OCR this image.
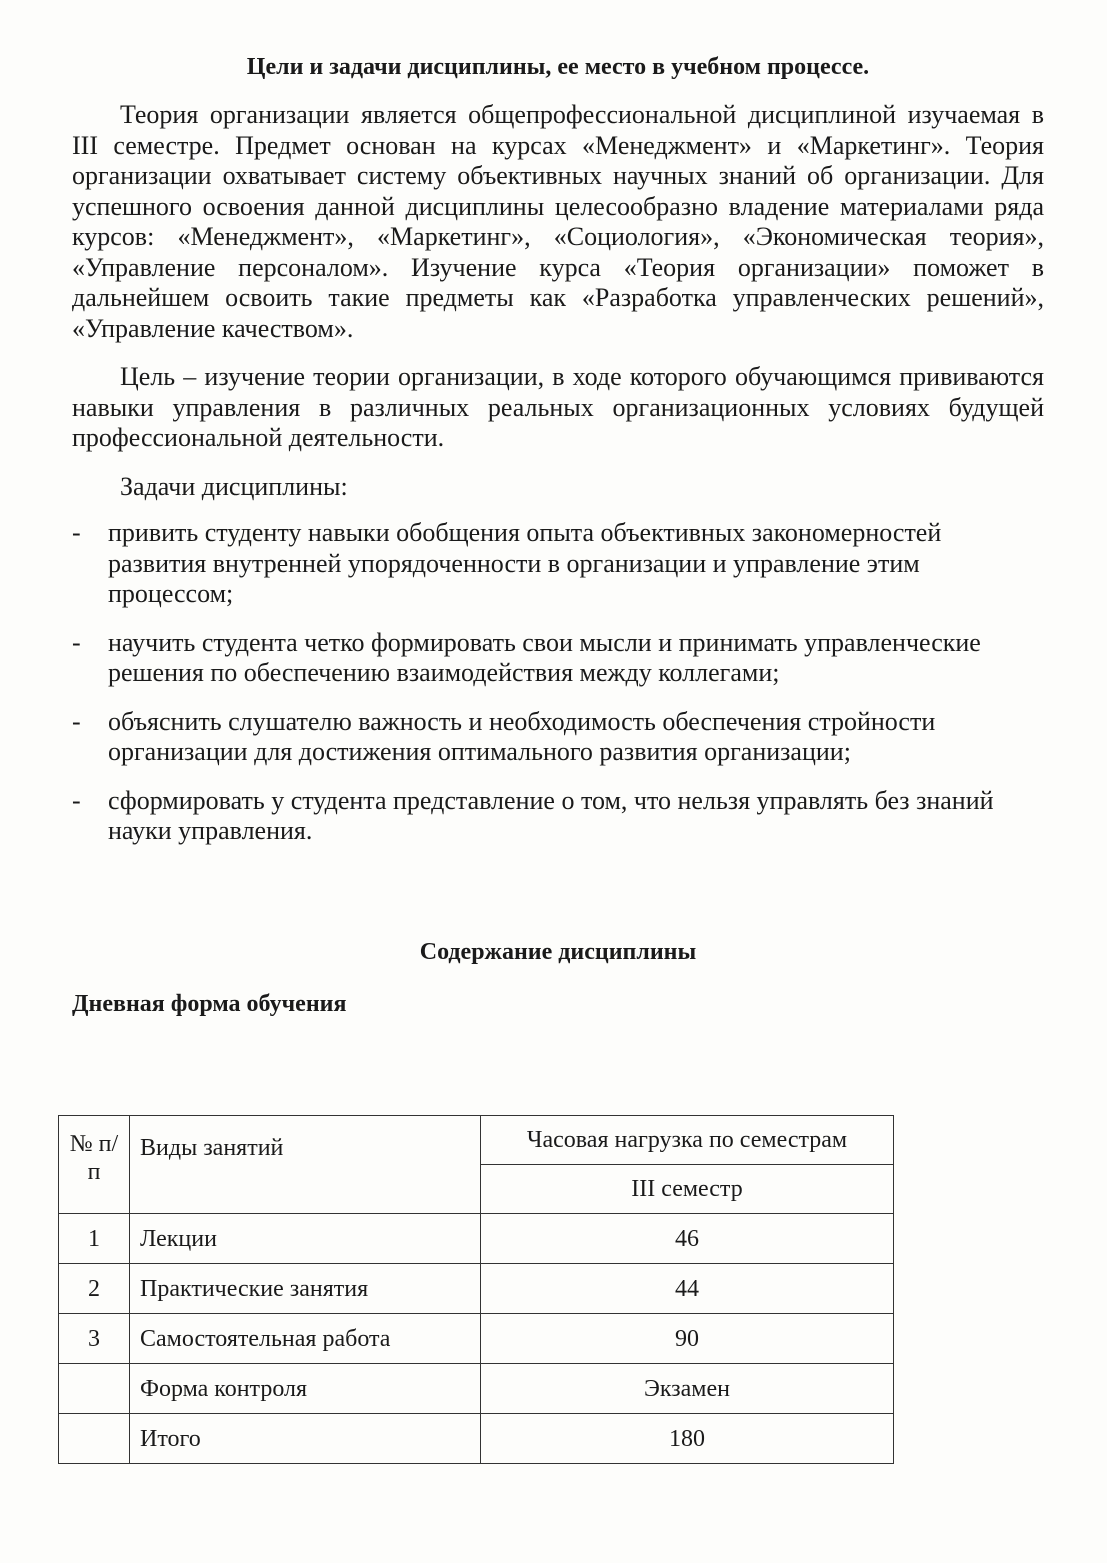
Цели и задачи дисциплины, ее место в учебном процессе.

Теория организации является общепрофессиональной дисциплиной изучаемая в III семестре. Предмет основан на курсах «Менеджмент» и «Маркетинг». Теория организации охватывает систему объективных научных знаний об организации. Для успешного освоения данной дисциплины целесообразно владение материалами ряда курсов: «Менеджмент», «Маркетинг», «Социология», «Экономическая теория», «Управление персоналом». Изучение курса «Теория организации» поможет в дальнейшем освоить такие предметы как «Разработка управленческих решений», «Управление качеством».

Цель – изучение теории организации, в ходе которого обучающимся прививаются навыки управления в различных реальных организационных условиях будущей профессиональной деятельности.

Задачи дисциплины:
- привить студенту навыки обобщения опыта объективных закономерностей развития внутренней упорядоченности в организации и управление этим процессом;
- научить студента четко формировать свои мысли и принимать управленческие решения по обеспечению взаимодействия между коллегами;
- объяснить слушателю важность и необходимость обеспечения стройности организации для достижения оптимального развития организации;
- сформировать у студента представление о том, что нельзя управлять без знаний науки управления.
Содержание дисциплины
Дневная форма обучения
№ п/п	Виды занятий	Часовая нагрузка по семестрам
		III семестр
1	Лекции	46
2	Практические занятия	44
3	Самостоятельная работа	90
	Форма контроля	Экзамен
	Итого	180
